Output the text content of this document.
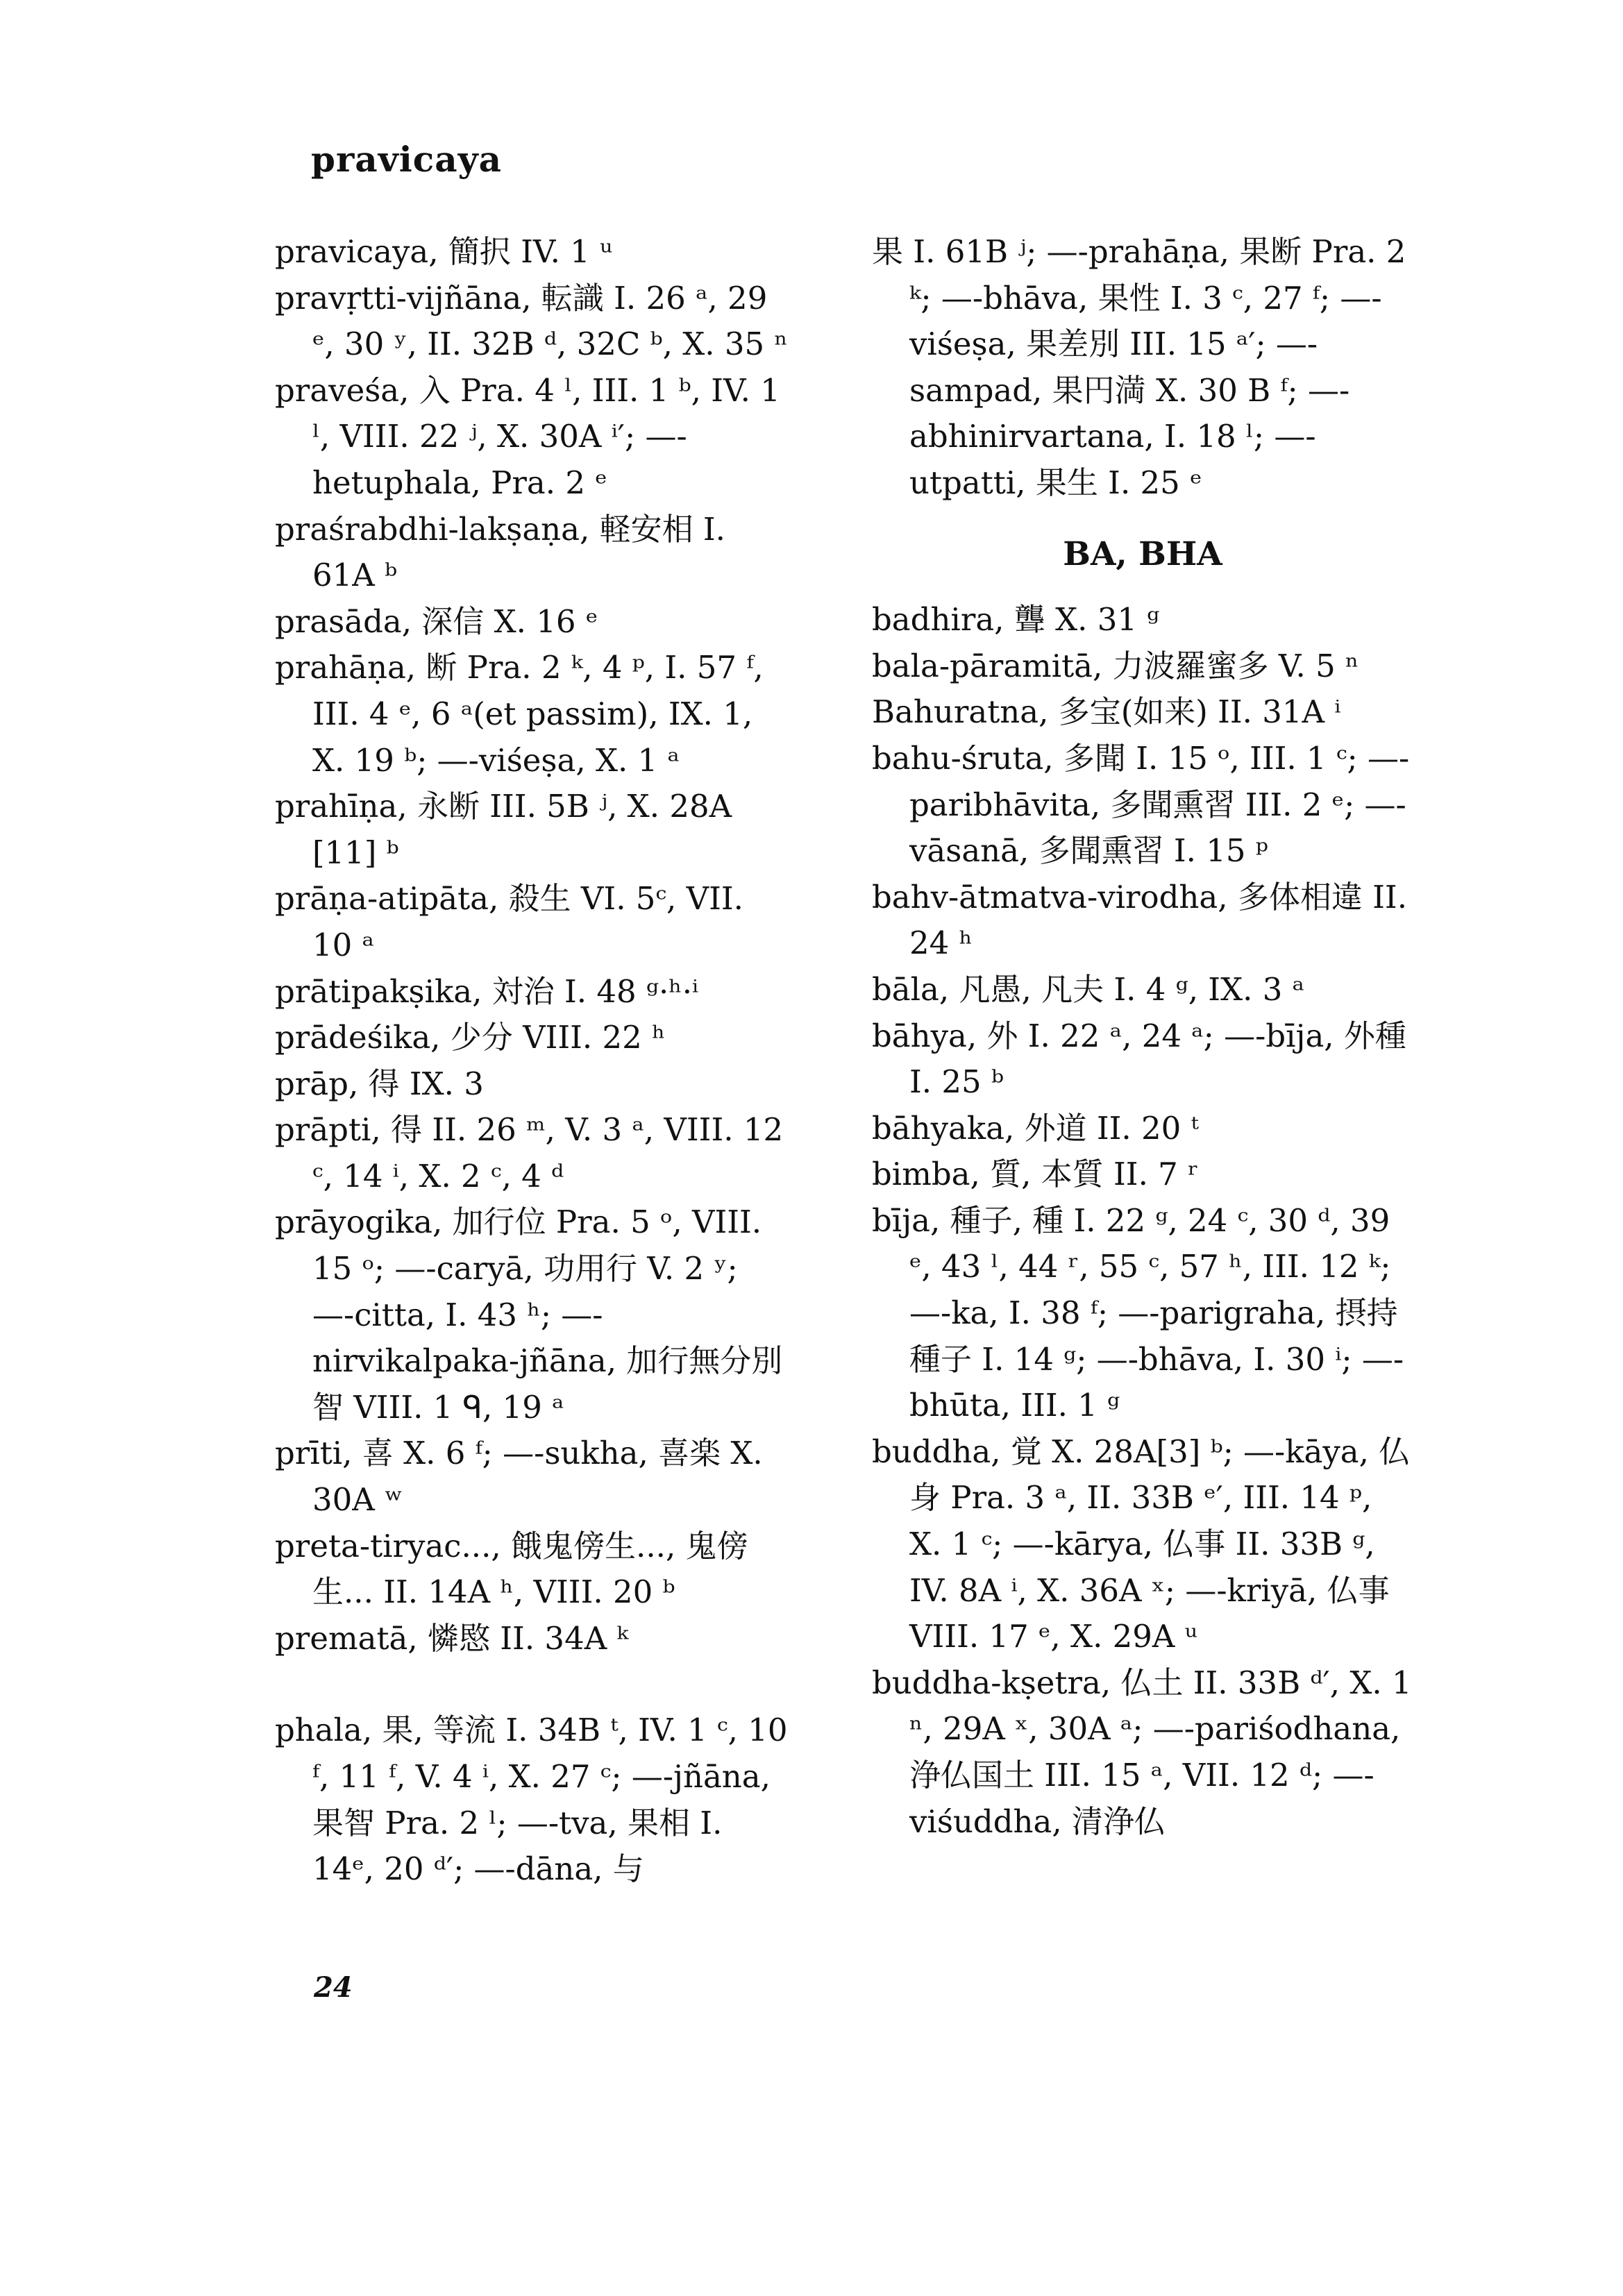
pravicaya

pravicaya, 簡択 IV. 1 ᵘ

pravṛtti-vijñāna, 転識 I. 26 ᵃ, 29 ᵉ, 30 ʸ, II. 32B ᵈ, 32C ᵇ, X. 35 ⁿ

praveśa, 入 Pra. 4 ˡ, III. 1 ᵇ, IV. 1 ˡ, VIII. 22 ʲ, X. 30A ⁱ′; —-hetuphala, Pra. 2 ᵉ

praśrabdhi-lakṣaṇa, 軽安相 I. 61A ᵇ

prasāda, 深信 X. 16 ᵉ

prahāṇa, 断 Pra. 2 ᵏ, 4 ᵖ, I. 57 ᶠ, III. 4 ᵉ, 6 ᵃ(et passim), IX. 1, X. 19 ᵇ; —-viśeṣa, X. 1 ᵃ

prahīṇa, 永断 III. 5B ʲ, X. 28A [11] ᵇ

prāṇa-atipāta, 殺生 VI. 5ᶜ, VII. 10 ᵃ

prātipakṣika, 対治 I. 48 ᵍ·ʰ·ⁱ

prādeśika, 少分 VIII. 22 ʰ

prāp, 得 IX. 3

prāpti, 得 II. 26 ᵐ, V. 3 ᵃ, VIII. 12 ᶜ, 14 ⁱ, X. 2 ᶜ, 4 ᵈ

prāyogika, 加行位 Pra. 5 ᵒ, VIII. 15 ᵒ; —-caryā, 功用行 V. 2 ʸ; —-citta, I. 43 ʰ; —-nirvikalpaka-jñāna, 加行無分別智 VIII. 1 ᑫ, 19 ᵃ

prīti, 喜 X. 6 ᶠ; —-sukha, 喜楽 X. 30A ʷ

preta-tiryac..., 餓鬼傍生..., 鬼傍生... II. 14A ʰ, VIII. 20 ᵇ

prematā, 憐愍 II. 34A ᵏ

phala, 果, 等流 I. 34B ᵗ, IV. 1 ᶜ, 10 ᶠ, 11 ᶠ, V. 4 ⁱ, X. 27 ᶜ; —-jñāna, 果智 Pra. 2 ˡ; —-tva, 果相 I. 14ᵉ, 20 ᵈ′; —-dāna, 与

果 I. 61B ʲ; —-prahāṇa, 果断 Pra. 2 ᵏ; —-bhāva, 果性 I. 3 ᶜ, 27 ᶠ; —-viśeṣa, 果差別 III. 15 ᵃ′; —-sampad, 果円満 X. 30 B ᶠ; —-abhinirvartana, I. 18 ˡ; —-utpatti, 果生 I. 25 ᵉ

BA, BHA

badhira, 聾 X. 31 ᵍ

bala-pāramitā, 力波羅蜜多 V. 5 ⁿ

Bahuratna, 多宝(如来) II. 31A ⁱ

bahu-śruta, 多聞 I. 15 ᵒ, III. 1 ᶜ; —-paribhāvita, 多聞熏習 III. 2 ᵉ; —-vāsanā, 多聞熏習 I. 15 ᵖ

bahv-ātmatva-virodha, 多体相違 II. 24 ʰ

bāla, 凡愚, 凡夫 I. 4 ᵍ, IX. 3 ᵃ

bāhya, 外 I. 22 ᵃ, 24 ᵃ; —-bīja, 外種 I. 25 ᵇ

bāhyaka, 外道 II. 20 ᵗ

bimba, 質, 本質 II. 7 ʳ

bīja, 種子, 種 I. 22 ᵍ, 24 ᶜ, 30 ᵈ, 39 ᵉ, 43 ˡ, 44 ʳ, 55 ᶜ, 57 ʰ, III. 12 ᵏ; —-ka, I. 38 ᶠ; —-parigraha, 摂持種子 I. 14 ᵍ; —-bhāva, I. 30 ⁱ; —-bhūta, III. 1 ᵍ

buddha, 覚 X. 28A[3] ᵇ; —-kāya, 仏身 Pra. 3 ᵃ, II. 33B ᵉ′, III. 14 ᵖ, X. 1 ᶜ; —-kārya, 仏事 II. 33B ᵍ, IV. 8A ⁱ, X. 36A ˣ; —-kriyā, 仏事 VIII. 17 ᵉ, X. 29A ᵘ

buddha-kṣetra, 仏土 II. 33B ᵈ′, X. 1 ⁿ, 29A ˣ, 30A ᵃ; —-pariśodhana, 浄仏国土 III. 15 ᵃ, VII. 12 ᵈ; —-viśuddha, 清浄仏

24
